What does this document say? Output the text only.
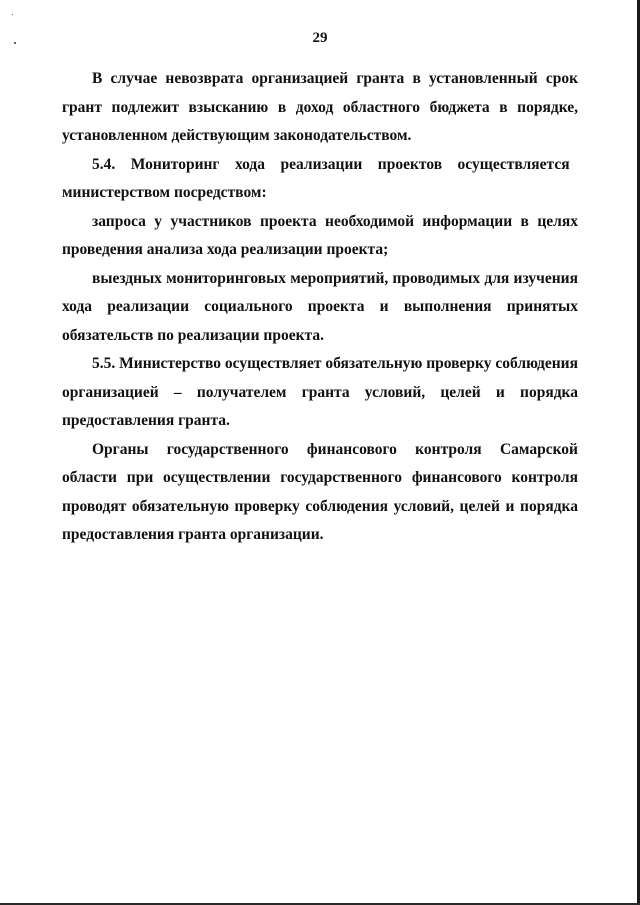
29

В случае невозврата организацией гранта в установленный срок грант подлежит взысканию в доход областного бюджета в порядке, установленном действующим законодательством.

5.4. Мониторинг хода реализации проектов осуществляется министерством посредством:

запроса у участников проекта необходимой информации в целях проведения анализа хода реализации проекта;

выездных мониторинговых мероприятий, проводимых для изучения хода реализации социального проекта и выполнения принятых обязательств по реализации проекта.

5.5. Министерство осуществляет обязательную проверку соблюдения организацией – получателем гранта условий, целей и порядка предоставления гранта.

Органы государственного финансового контроля Самарской области при осуществлении государственного финансового контроля проводят обязательную проверку соблюдения условий, целей и порядка предоставления гранта организации.
